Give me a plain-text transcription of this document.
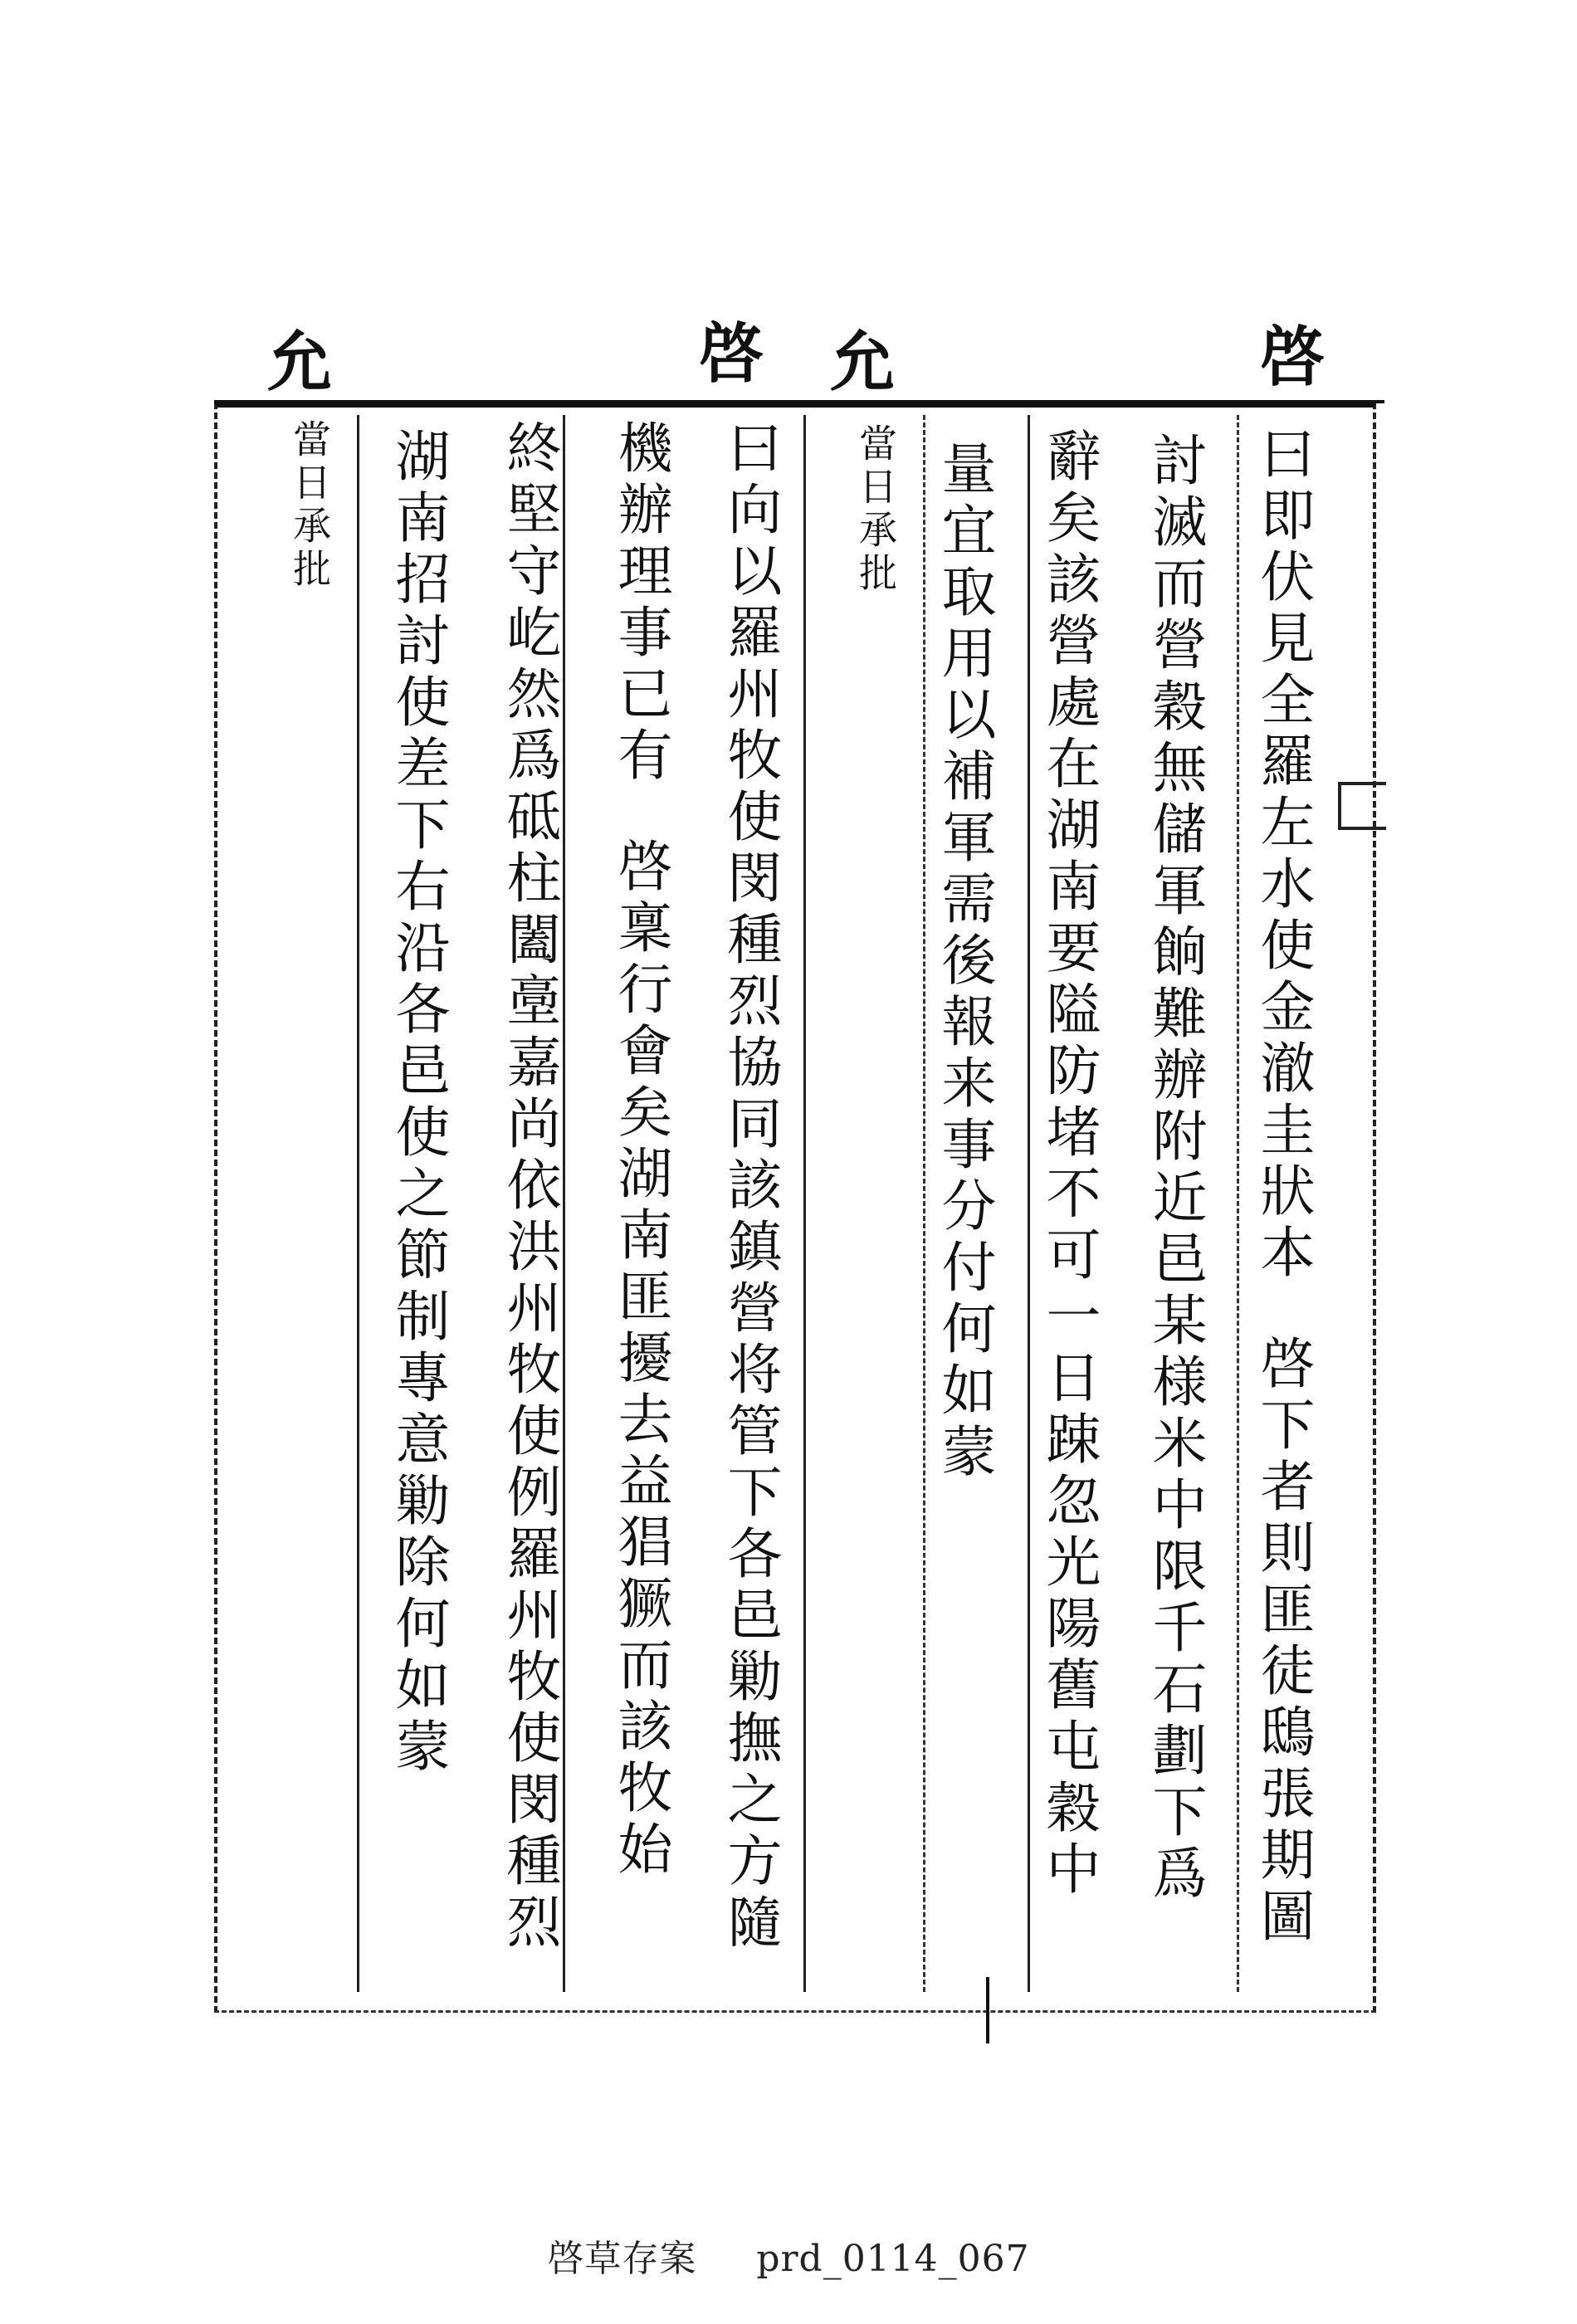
允	啓 允	啓
曰即伏見全羅左水使金澈圭狀本啓下者則匪徒鴟張期圖
討滅而營穀無儲軍餉難辦附近邑某様米中限千石劃下爲
辭矣該營處在湖南要隘防堵不可一日踈忽光陽舊屯穀中
量宜取用以補軍需後報来事分付何如蒙
當日承批
曰向以羅州牧使閔種烈協同該鎮營将管下各邑勦撫之方隨
機辦理事已有啓稟行會矣湖南匪擾去益猖獗而該牧始
終堅守屹然爲砥柱闔㙜嘉尚依洪州牧使例羅州牧使閔種烈
湖南招討使差下右沿各邑使之節制專意勦除何如蒙
當日承批
啓草存案 prd_0114_067
